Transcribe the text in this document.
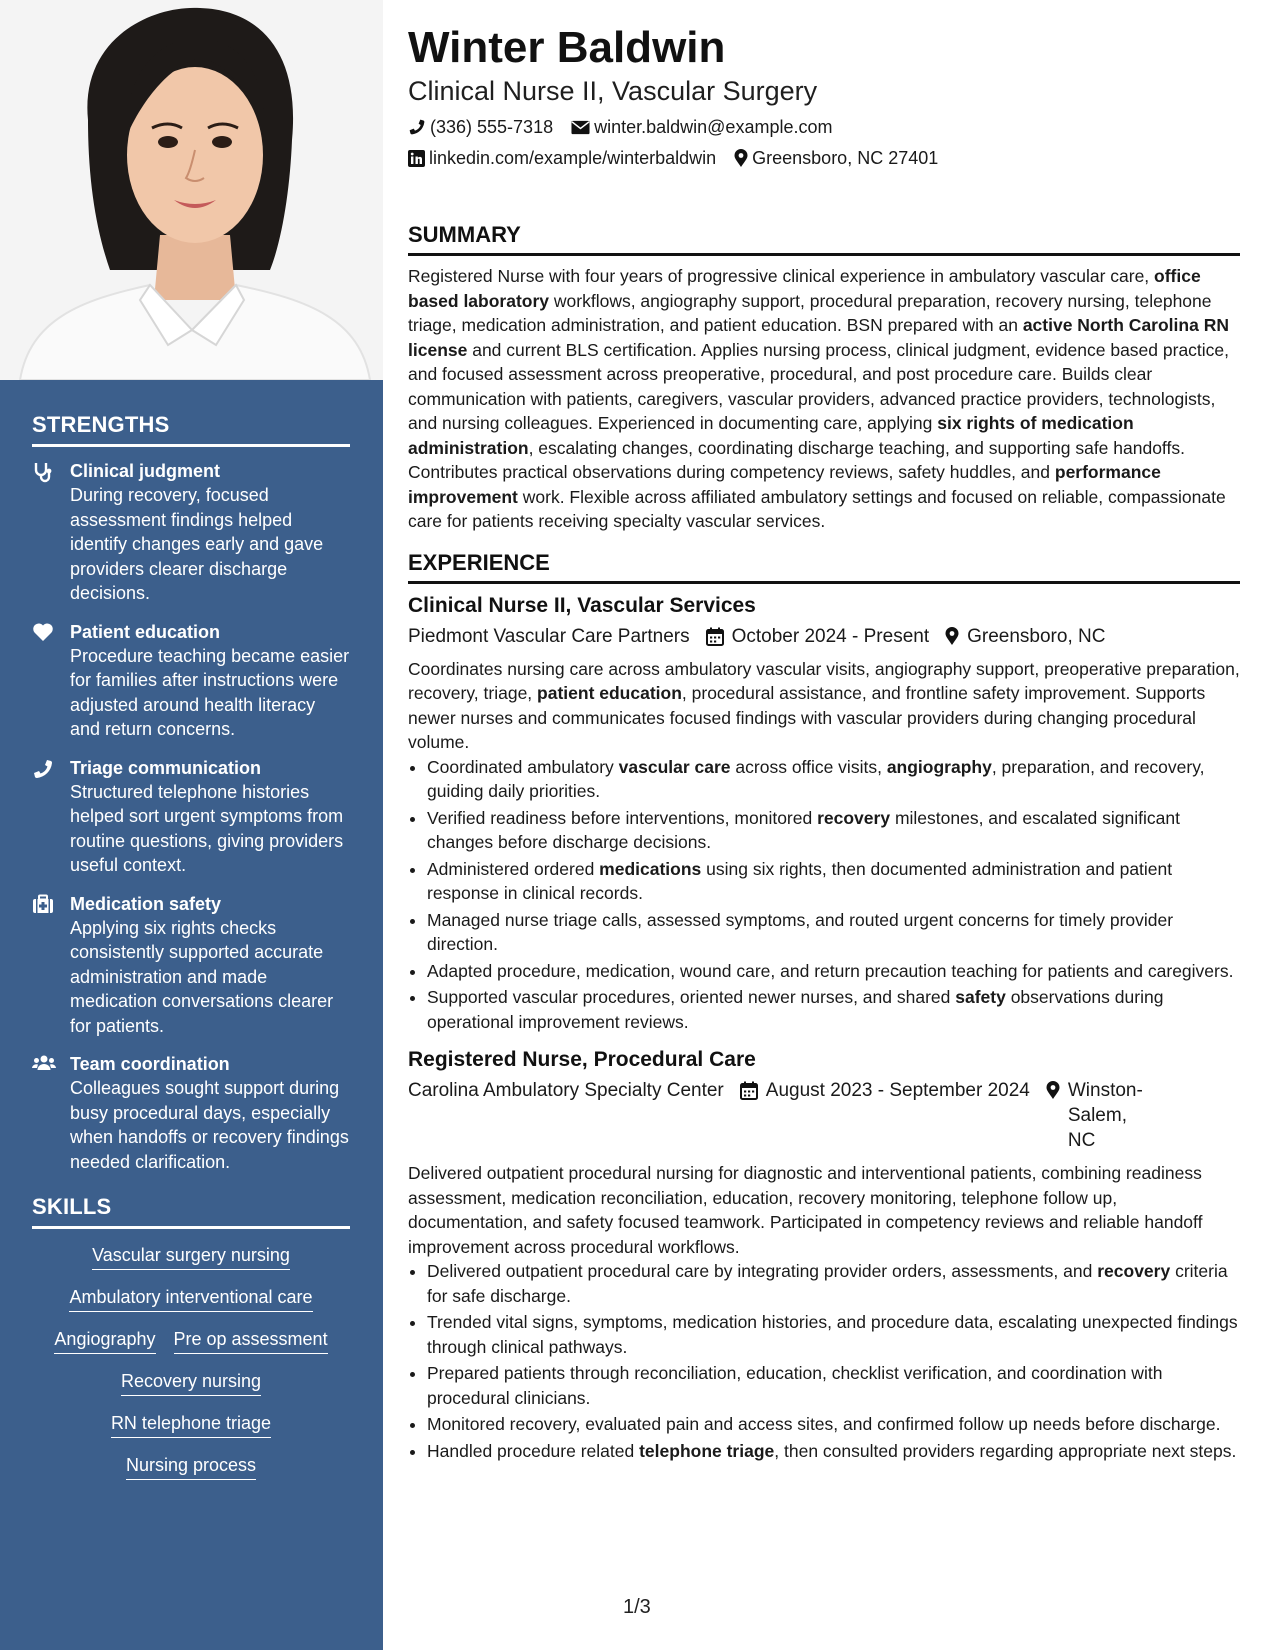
STRENGTHS
Clinical judgment
During recovery, focused assessment findings helped identify changes early and gave providers clearer discharge decisions.
Patient education
Procedure teaching became easier for families after instructions were adjusted around health literacy and return concerns.
Triage communication
Structured telephone histories helped sort urgent symptoms from routine questions, giving providers useful context.
Medication safety
Applying six rights checks consistently supported accurate administration and made medication conversations clearer for patients.
Team coordination
Colleagues sought support during busy procedural days, especially when handoffs or recovery findings needed clarification.
SKILLS
Vascular surgery nursing
Ambulatory interventional care
Angiography Pre op assessment
Recovery nursing
RN telephone triage
Nursing process
Winter Baldwin
Clinical Nurse II, Vascular Surgery
(336) 555-7318 winter.baldwin@example.com
linkedin.com/example/winterbaldwin Greensboro, NC 27401
SUMMARY
Registered Nurse with four years of progressive clinical experience in ambulatory vascular care, office based laboratory workflows, angiography support, procedural preparation, recovery nursing, telephone triage, medication administration, and patient education. BSN prepared with an active North Carolina RN license and current BLS certification. Applies nursing process, clinical judgment, evidence based practice, and focused assessment across preoperative, procedural, and post procedure care. Builds clear communication with patients, caregivers, vascular providers, advanced practice providers, technologists, and nursing colleagues. Experienced in documenting care, applying six rights of medication administration, escalating changes, coordinating discharge teaching, and supporting safe handoffs. Contributes practical observations during competency reviews, safety huddles, and performance improvement work. Flexible across affiliated ambulatory settings and focused on reliable, compassionate care for patients receiving specialty vascular services.
EXPERIENCE
Clinical Nurse II, Vascular Services
Piedmont Vascular Care Partners October 2024 - Present Greensboro, NC
Coordinates nursing care across ambulatory vascular visits, angiography support, preoperative preparation, recovery, triage, patient education, procedural assistance, and frontline safety improvement. Supports newer nurses and communicates focused findings with vascular providers during changing procedural volume.
• Coordinated ambulatory vascular care across office visits, angiography, preparation, and recovery, guiding daily priorities.
• Verified readiness before interventions, monitored recovery milestones, and escalated significant changes before discharge decisions.
• Administered ordered medications using six rights, then documented administration and patient response in clinical records.
• Managed nurse triage calls, assessed symptoms, and routed urgent concerns for timely provider direction.
• Adapted procedure, medication, wound care, and return precaution teaching for patients and caregivers.
• Supported vascular procedures, oriented newer nurses, and shared safety observations during operational improvement reviews.
Registered Nurse, Procedural Care
Carolina Ambulatory Specialty Center August 2023 - September 2024 Winston-Salem, NC
Delivered outpatient procedural nursing for diagnostic and interventional patients, combining readiness assessment, medication reconciliation, education, recovery monitoring, telephone follow up, documentation, and safety focused teamwork. Participated in competency reviews and reliable handoff improvement across procedural workflows.
• Delivered outpatient procedural care by integrating provider orders, assessments, and recovery criteria for safe discharge.
• Trended vital signs, symptoms, medication histories, and procedure data, escalating unexpected findings through clinical pathways.
• Prepared patients through reconciliation, education, checklist verification, and coordination with procedural clinicians.
• Monitored recovery, evaluated pain and access sites, and confirmed follow up needs before discharge.
• Handled procedure related telephone triage, then consulted providers regarding appropriate next steps.
1/3
